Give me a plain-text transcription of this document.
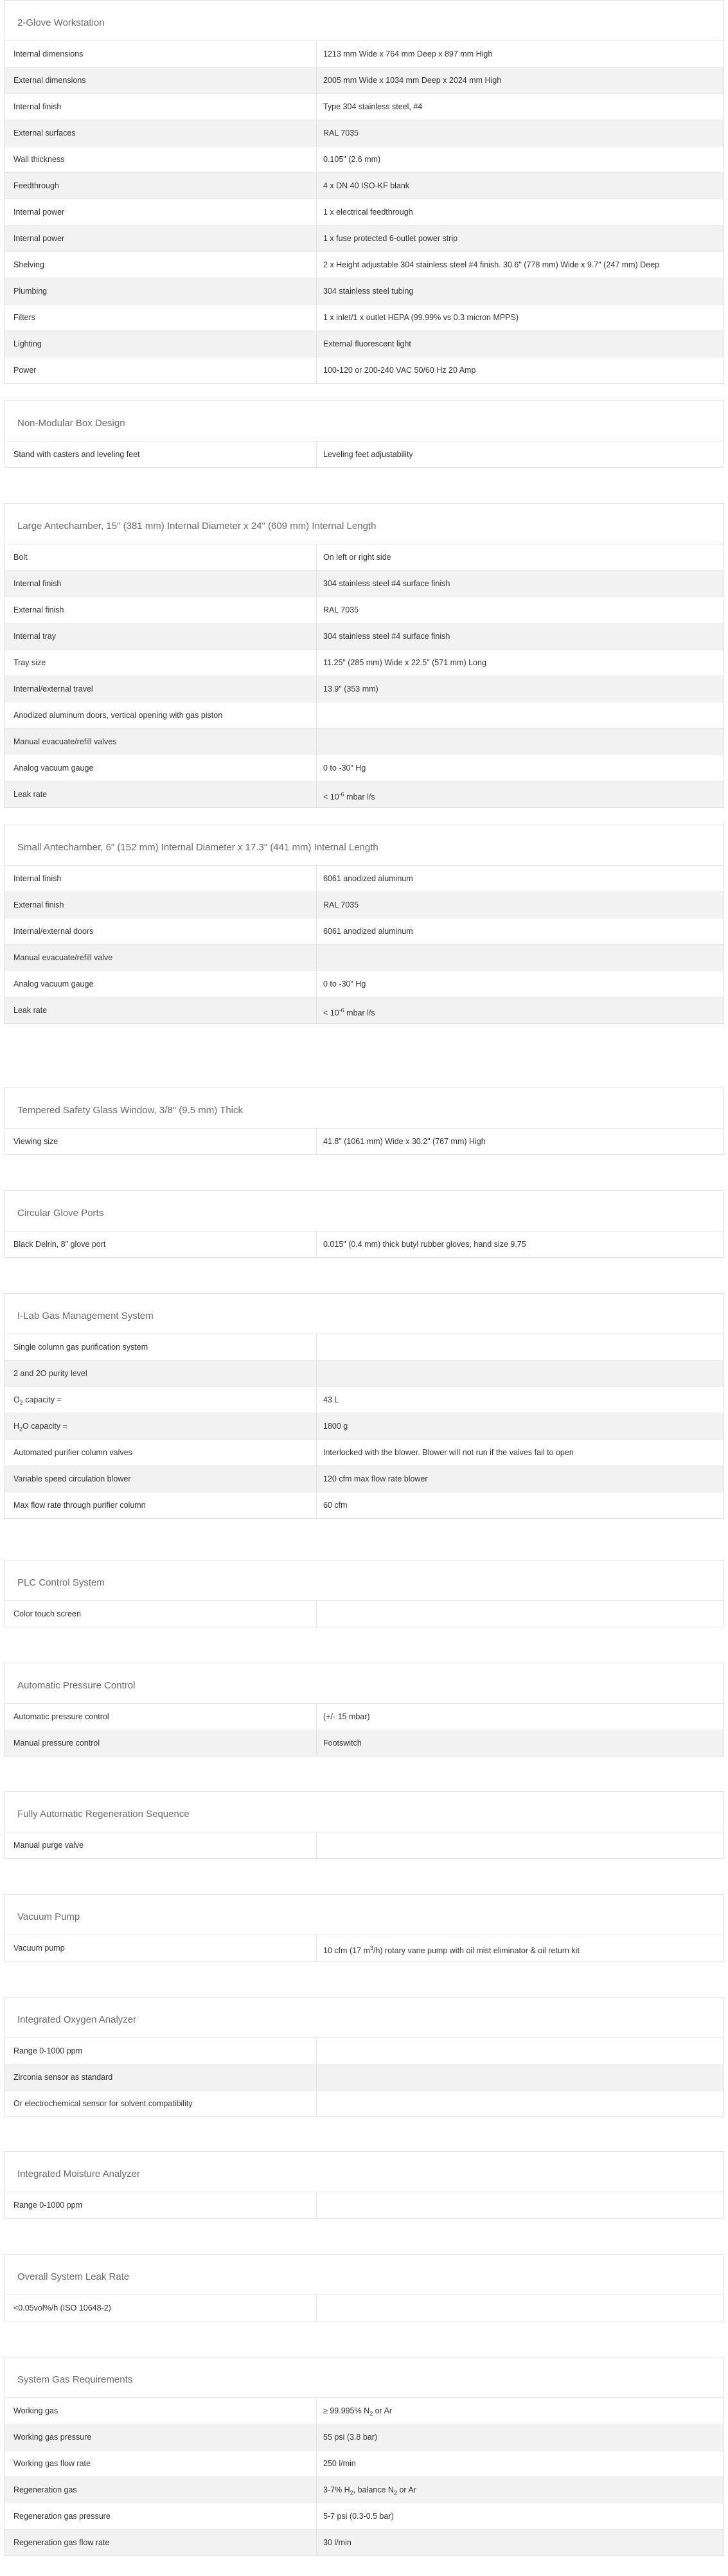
2-Glove Workstation
Internal dimensions	1213 mm Wide x 764 mm Deep x 897 mm High
External dimensions	2005 mm Wide x 1034 mm Deep x 2024 mm High
Internal finish	Type 304 stainless steel, #4
External surfaces	RAL 7035
Wall thickness	0.105" (2.6 mm)
Feedthrough	4 x DN 40 ISO-KF blank
Internal power	1 x electrical feedthrough
Internal power	1 x fuse protected 6-outlet power strip
Shelving	2 x Height adjustable 304 stainless steel #4 finish. 30.6" (778 mm) Wide x 9.7" (247 mm) Deep
Plumbing	304 stainless steel tubing
Filters	1 x inlet/1 x outlet HEPA (99.99% vs 0.3 micron MPPS)
Lighting	External fluorescent light
Power	100-120 or 200-240 VAC 50/60 Hz 20 Amp
Non-Modular Box Design
Stand with casters and leveling feet	Leveling feet adjustability
Large Antechamber, 15" (381 mm) Internal Diameter x 24" (609 mm) Internal Length
Bolt	On left or right side
Internal finish	304 stainless steel #4 surface finish
External finish	RAL 7035
Internal tray	304 stainless steel #4 surface finish
Tray size	11.25" (285 mm) Wide x 22.5" (571 mm) Long
Internal/external travel	13.9" (353 mm)
Anodized aluminum doors, vertical opening with gas piston
Manual evacuate/refill valves
Analog vacuum gauge	0 to -30" Hg
Leak rate	< $10^{-6}$ mbar l/s
Small Antechamber, 6" (152 mm) Internal Diameter x 17.3" (441 mm) Internal Length
Internal finish	6061 anodized aluminum
External finish	RAL 7035
Internal/external doors	6061 anodized aluminum
Manual evacuate/refill valve
Analog vacuum gauge	0 to -30" Hg
Leak rate	< $10^{-6}$ mbar l/s
Tempered Safety Glass Window, 3/8" (9.5 mm) Thick
Viewing size	41.8" (1061 mm) Wide x 30.2" (767 mm) High
Circular Glove Ports
Black Delrin, 8" glove port	0.015" (0.4 mm) thick butyl rubber gloves, hand size 9.75
I-Lab Gas Management System
Single column gas purification system
2 and 2O purity level
$O_2$ capacity =	43 L
$H_2O$ capacity =	1800 g
Automated purifier column valves	Interlocked with the blower. Blower will not run if the valves fail to open
Variable speed circulation blower	120 cfm max flow rate blower
Max flow rate through purifier column	60 cfm
PLC Control System
Color touch screen
Automatic Pressure Control
Automatic pressure control	(+/- 15 mbar)
Manual pressure control	Footswitch
Fully Automatic Regeneration Sequence
Manual purge valve
Vacuum Pump
Vacuum pump	10 cfm (17 $m^3/h$) rotary vane pump with oil mist eliminator & oil return kit
Integrated Oxygen Analyzer
Range 0-1000 ppm
Zirconia sensor as standard
Or electrochemical sensor for solvent compatibility
Integrated Moisture Analyzer
Range 0-1000 ppm
Overall System Leak Rate
<0.05vol%/h (ISO 10648-2)
System Gas Requirements
Working gas	≥ 99.995% $N_2$ or Ar
Working gas pressure	55 psi (3.8 bar)
Working gas flow rate	250 l/min
Regeneration gas	3-7% $H_2$, balance $N_2$ or Ar
Regeneration gas pressure	5-7 psi (0.3-0.5 bar)
Regeneration gas flow rate	30 l/min
